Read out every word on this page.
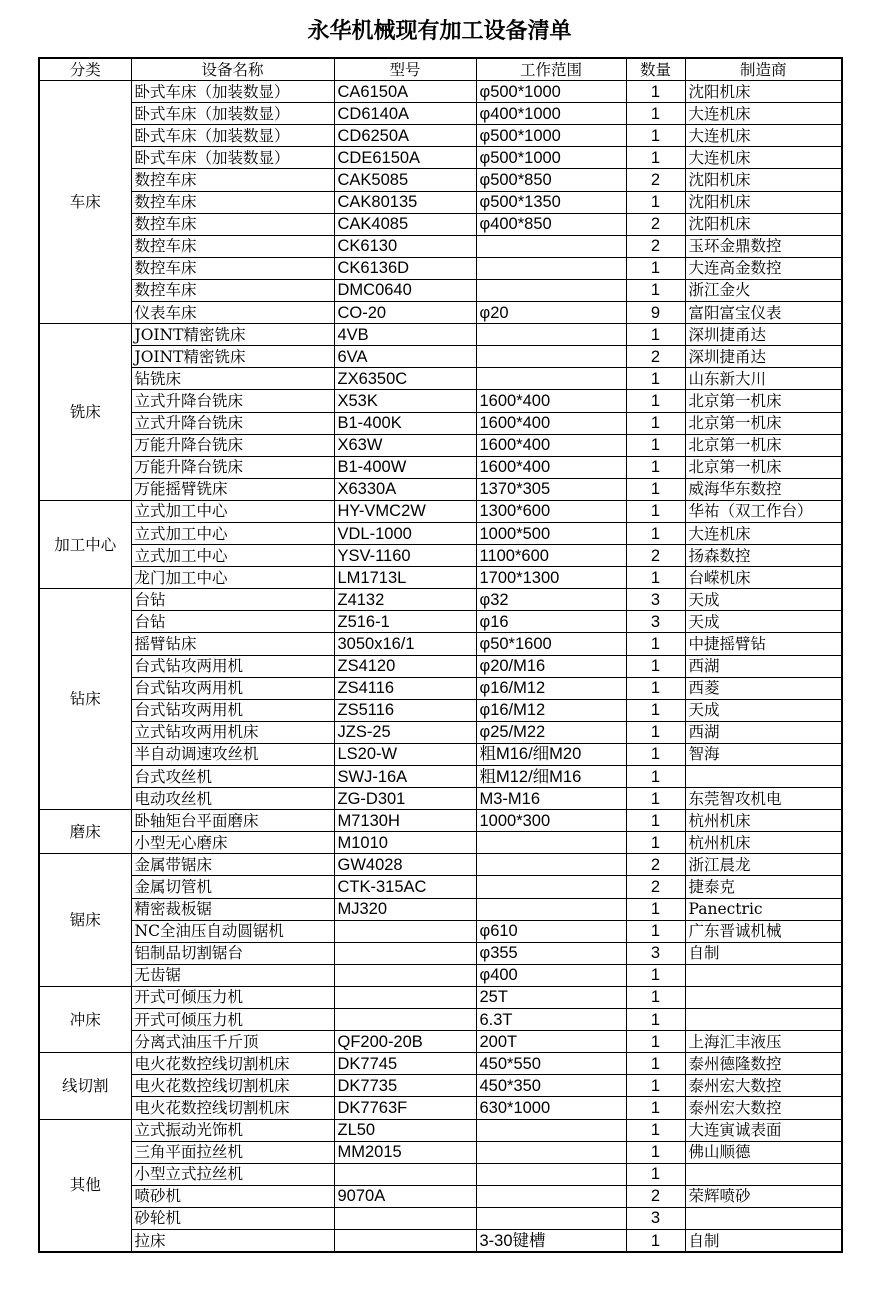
永华机械现有加工设备清单
分类	设备名称	型号	工作范围	数量	制造商
车床	卧式车床（加装数显）	CA6150A	φ500*1000	1	沈阳机床
	卧式车床（加装数显）	CD6140A	φ400*1000	1	大连机床
	卧式车床（加装数显）	CD6250A	φ500*1000	1	大连机床
	卧式车床（加装数显）	CDE6150A	φ500*1000	1	大连机床
	数控车床	CAK5085	φ500*850	2	沈阳机床
	数控车床	CAK80135	φ500*1350	1	沈阳机床
	数控车床	CAK4085	φ400*850	2	沈阳机床
	数控车床	CK6130		2	玉环金鼎数控
	数控车床	CK6136D		1	大连高金数控
	数控车床	DMC0640		1	浙江金火
	仪表车床	CO-20	φ20	9	富阳富宝仪表
铣床	JOINT精密铣床	4VB		1	深圳捷甬达
	JOINT精密铣床	6VA		2	深圳捷甬达
	钻铣床	ZX6350C		1	山东新大川
	立式升降台铣床	X53K	1600*400	1	北京第一机床
	立式升降台铣床	B1-400K	1600*400	1	北京第一机床
	万能升降台铣床	X63W	1600*400	1	北京第一机床
	万能升降台铣床	B1-400W	1600*400	1	北京第一机床
	万能摇臂铣床	X6330A	1370*305	1	威海华东数控
加工中心	立式加工中心	HY-VMC2W	1300*600	1	华祐（双工作台）
	立式加工中心	VDL-1000	1000*500	1	大连机床
	立式加工中心	YSV-1160	1100*600	2	扬森数控
	龙门加工中心	LM1713L	1700*1300	1	台嵘机床
钻床	台钻	Z4132	φ32	3	天成
	台钻	Z516-1	φ16	3	天成
	摇臂钻床	3050x16/1	φ50*1600	1	中捷摇臂钻
	台式钻攻两用机	ZS4120	φ20/M16	1	西湖
	台式钻攻两用机	ZS4116	φ16/M12	1	西菱
	台式钻攻两用机	ZS5116	φ16/M12	1	天成
	立式钻攻两用机床	JZS-25	φ25/M22	1	西湖
	半自动调速攻丝机	LS20-W	粗M16/细M20	1	智海
	台式攻丝机	SWJ-16A	粗M12/细M16	1	
	电动攻丝机	ZG-D301	M3-M16	1	东莞智攻机电
磨床	卧轴矩台平面磨床	M7130H	1000*300	1	杭州机床
	小型无心磨床	M1010		1	杭州机床
锯床	金属带锯床	GW4028		2	浙江晨龙
	金属切管机	CTK-315AC		2	捷泰克
	精密裁板锯	MJ320		1	Panectric
	NC全油压自动圆锯机		φ610	1	广东晋诚机械
	铝制品切割锯台		φ355	3	自制
	无齿锯		φ400	1	
冲床	开式可倾压力机		25T	1	
	开式可倾压力机		6.3T	1	
	分离式油压千斤顶	QF200-20B	200T	1	上海汇丰液压
线切割	电火花数控线切割机床	DK7745	450*550	1	泰州德隆数控
	电火花数控线切割机床	DK7735	450*350	1	泰州宏大数控
	电火花数控线切割机床	DK7763F	630*1000	1	泰州宏大数控
其他	立式振动光饰机	ZL50		1	大连寅诚表面
	三角平面拉丝机	MM2015		1	佛山顺德
	小型立式拉丝机			1	
	喷砂机	9070A		2	荣辉喷砂
	砂轮机			3	
	拉床		3-30键槽	1	自制
